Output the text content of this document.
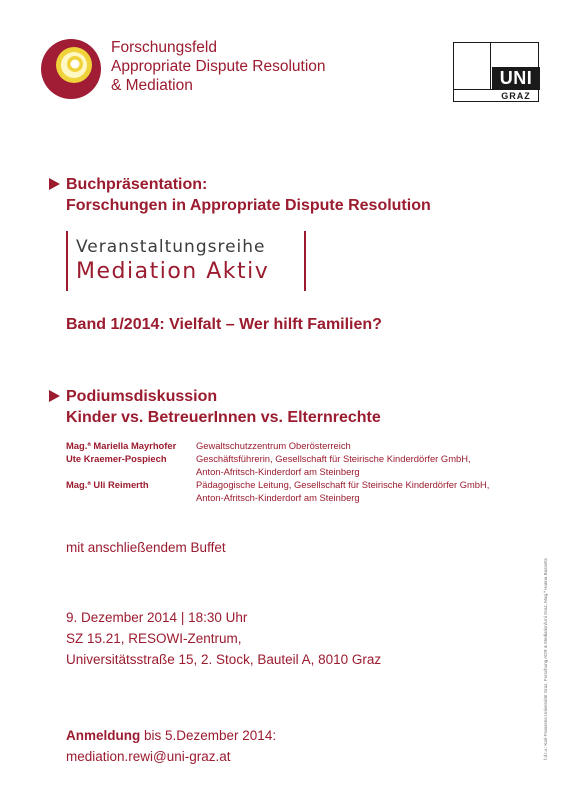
Forschungsfeld
Appropriate Dispute Resolution
& Mediation	UNI
GRAZ
Buchpräsentation:
Forschungen in Appropriate Dispute Resolution
Veranstaltungsreihe
Mediation Aktiv
Band 1/2014: Vielfalt – Wer hilft Familien?
Podiumsdiskussion
Kinder vs. BetreuerInnen vs. Elternrechte
Mag.ª Mariella Mayrhofer	Gewaltschutzzentrum Oberösterreich
Ute Kraemer-Pospiech	Geschäftsführerin, Gesellschaft für Steirische Kinderdörfer GmbH,
Anton-Afritsch-Kinderdorf am Steinberg
Mag.ª Uli Reimerth	Pädagogische Leitung, Gesellschaft für Steirische Kinderdörfer GmbH,
Anton-Afritsch-Kinderdorf am Steinberg
mit anschließendem Buffet
9. Dezember 2014 | 18:30 Uhr
SZ 15.21, RESOWI-Zentrum,
Universitätsstraße 15, 2. Stock, Bauteil A, 8010 Graz
Anmeldung bis 5.Dezember 2014:
mediation.rewi@uni-graz.at	f.d.I.v.: Karl-Franzens-Universität Graz, Forschung ADR & Mediation/Uni Graz, Mag.ª Hanna Bassetts
